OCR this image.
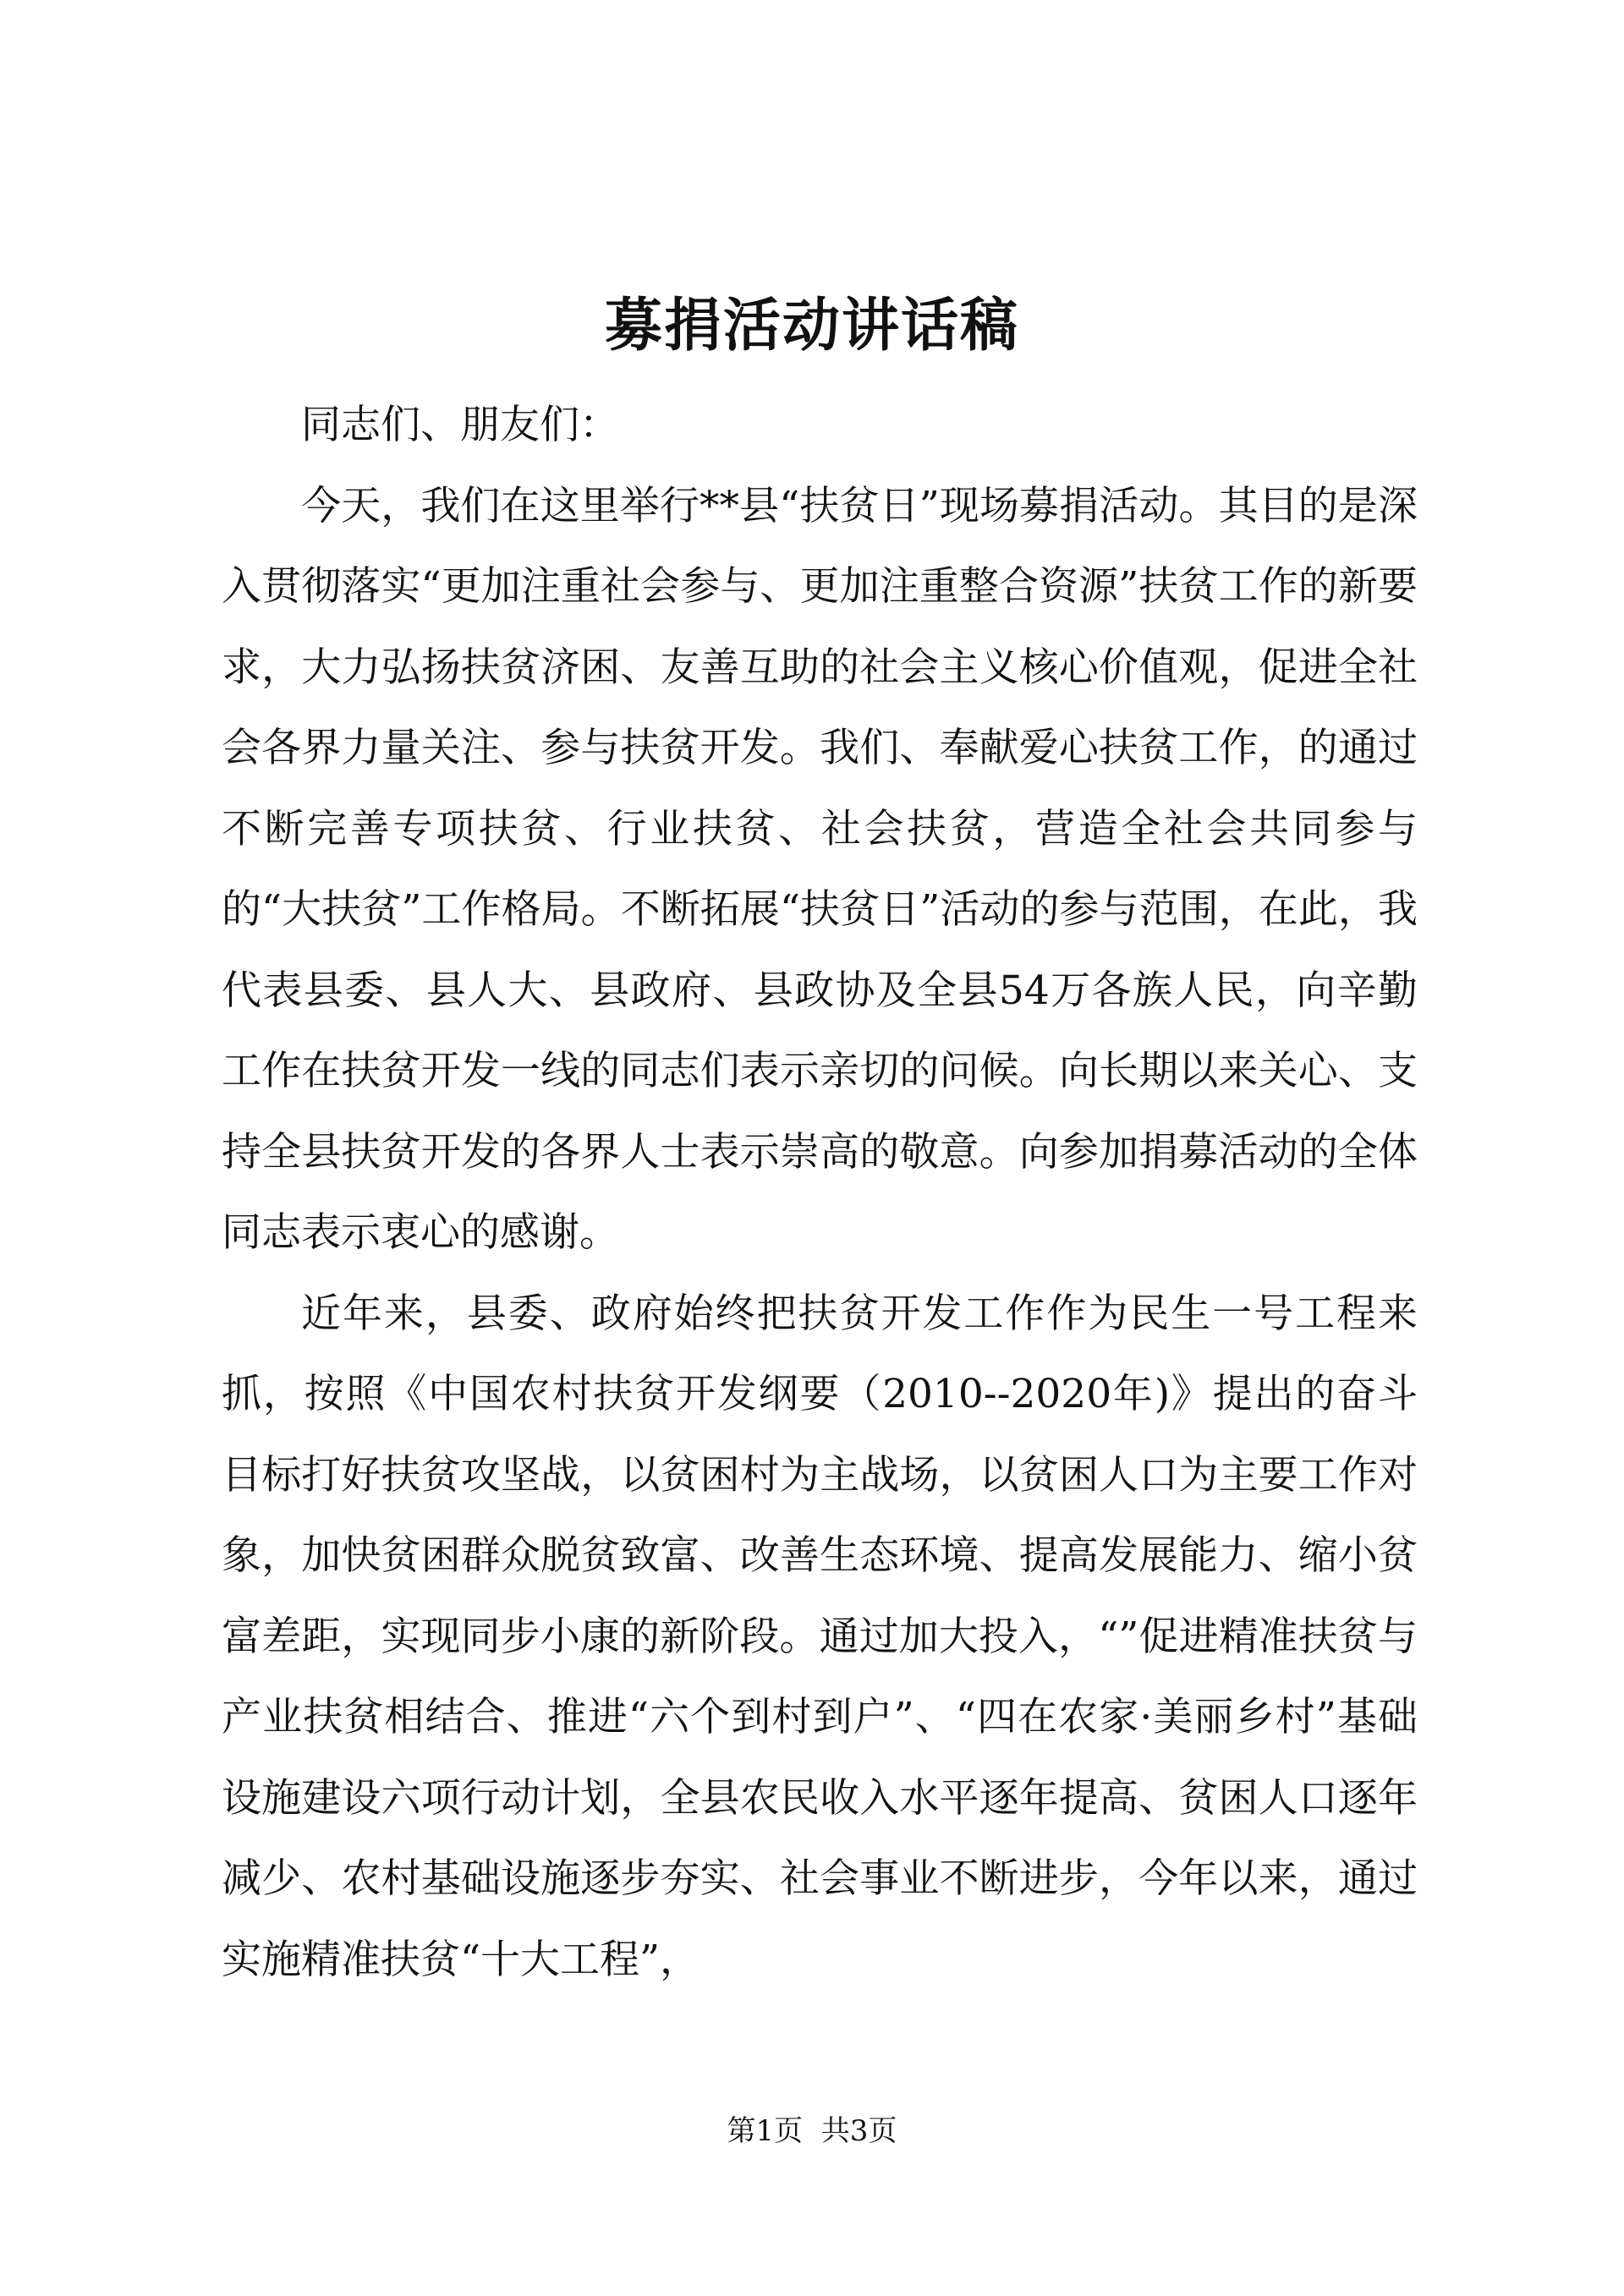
募捐活动讲话稿

同志们、朋友们：

今天，我们在这里举行**县“扶贫日”现场募捐活动。其目的是深入贯彻落实“更加注重社会参与、更加注重整合资源”扶贫工作的新要求，大力弘扬扶贫济困、友善互助的社会主义核心价值观，促进全社会各界力量关注、参与扶贫开发。我们、奉献爱心扶贫工作，的通过不断完善专项扶贫、行业扶贫、社会扶贫，营造全社会共同参与的“大扶贫”工作格局。不断拓展“扶贫日”活动的参与范围，在此，我代表县委、县人大、县政府、县政协及全县54万各族人民，向辛勤工作在扶贫开发一线的同志们表示亲切的问候。向长期以来关心、支持全县扶贫开发的各界人士表示崇高的敬意。向参加捐募活动的全体同志表示衷心的感谢。

近年来，县委、政府始终把扶贫开发工作作为民生一号工程来抓，按照《中国农村扶贫开发纲要（2010--2020年)》提出的奋斗目标打好扶贫攻坚战，以贫困村为主战场，以贫困人口为主要工作对象，加快贫困群众脱贫致富、改善生态环境、提高发展能力、缩小贫富差距，实现同步小康的新阶段。通过加大投入，“”促进精准扶贫与产业扶贫相结合、推进“六个到村到户”、“四在农家·美丽乡村”基础设施建设六项行动计划，全县农民收入水平逐年提高、贫困人口逐年减少、农村基础设施逐步夯实、社会事业不断进步，今年以来，通过实施精准扶贫“十大工程”，

第1页 共3页
